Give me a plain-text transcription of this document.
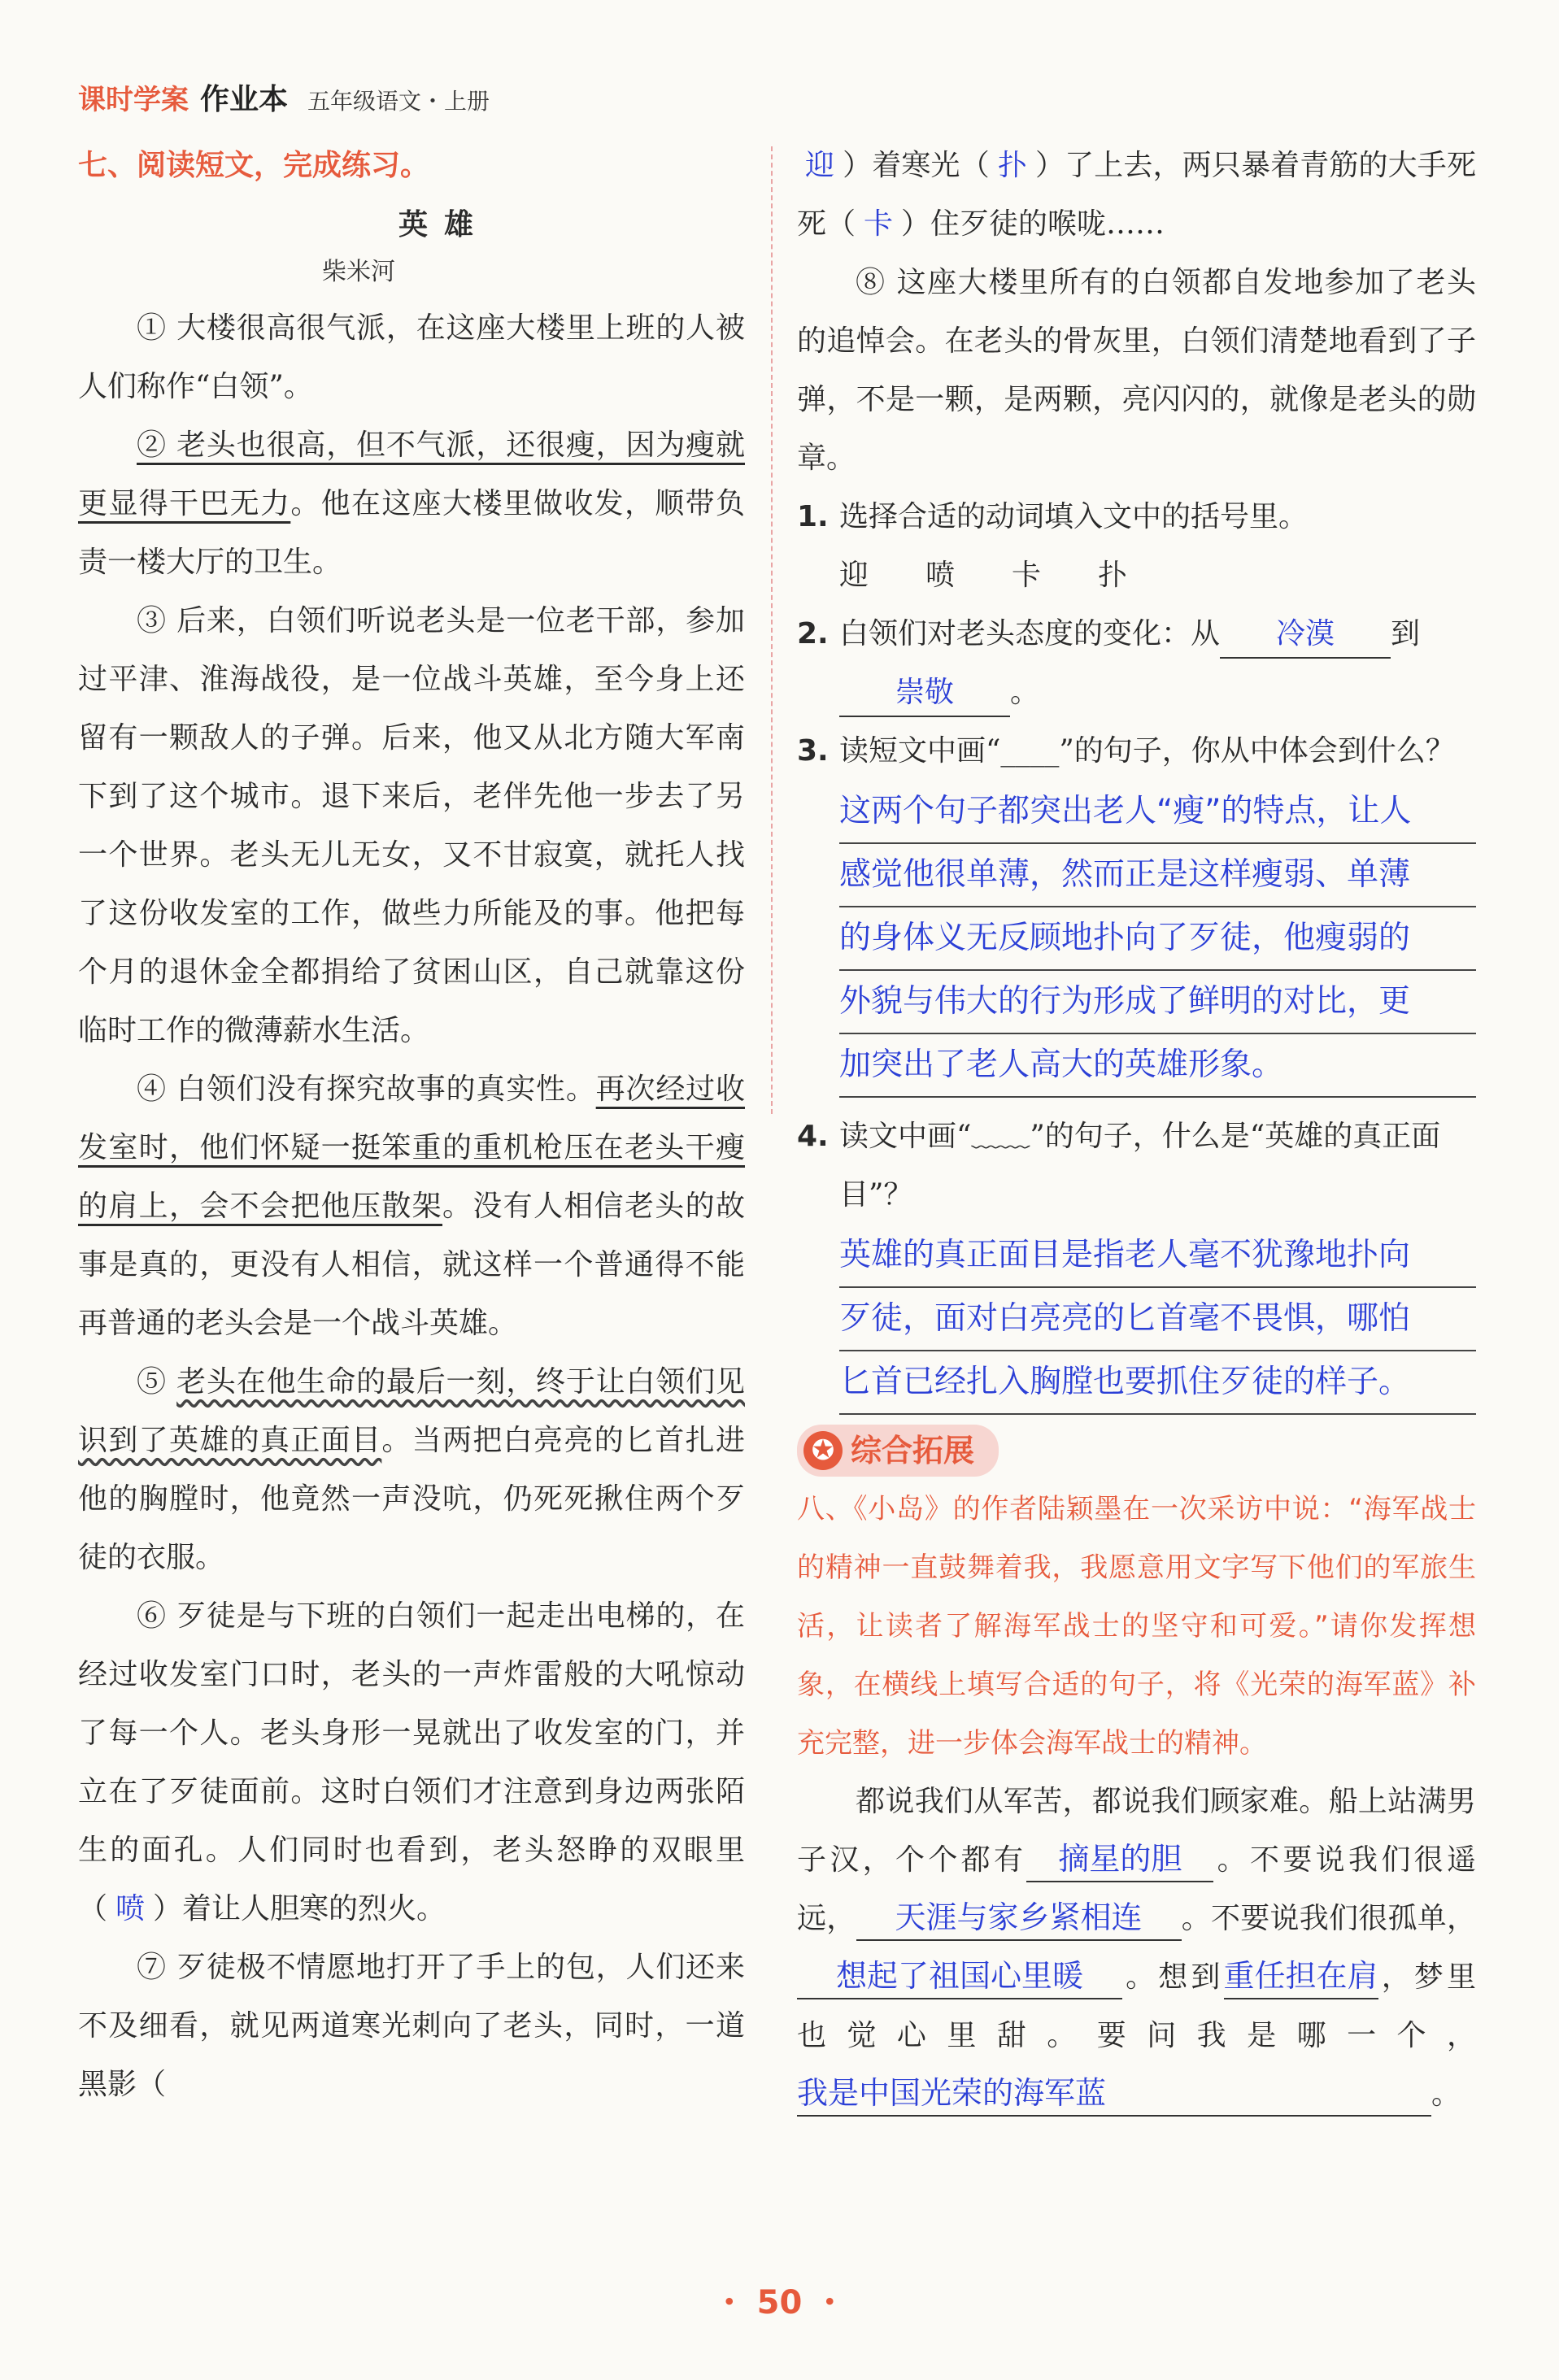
课时学案 作业本 五年级语文・上册
七、阅读短文，完成练习。
英雄
柴米河

① 大楼很高很气派，在这座大楼里上班的人被人们称作“白领”。

② 老头也很高，但不气派，还很瘦，因为瘦就更显得干巴无力。他在这座大楼里做收发，顺带负责一楼大厅的卫生。

③ 后来，白领们听说老头是一位老干部，参加过平津、淮海战役，是一位战斗英雄，至今身上还留有一颗敌人的子弹。后来，他又从北方随大军南下到了这个城市。退下来后，老伴先他一步去了另一个世界。老头无儿无女，又不甘寂寞，就托人找了这份收发室的工作，做些力所能及的事。他把每个月的退休金全都捐给了贫困山区，自己就靠这份临时工作的微薄薪水生活。

④ 白领们没有探究故事的真实性。再次经过收发室时，他们怀疑一挺笨重的重机枪压在老头干瘦的肩上，会不会把他压散架。没有人相信老头的故事是真的，更没有人相信，就这样一个普通得不能再普通的老头会是一个战斗英雄。

⑤ 老头在他生命的最后一刻，终于让白领们见识到了英雄的真正面目。当两把白亮亮的匕首扎进他的胸膛时，他竟然一声没吭，仍死死揪住两个歹徒的衣服。

⑥ 歹徒是与下班的白领们一起走出电梯的，在经过收发室门口时，老头的一声炸雷般的大吼惊动了每一个人。老头身形一晃就出了收发室的门，并立在了歹徒面前。这时白领们才注意到身边两张陌生的面孔。人们同时也看到，老头怒睁的双眼里（ 喷 ）着让人胆寒的烈火。

⑦ 歹徒极不情愿地打开了手上的包，人们还来不及细看，就见两道寒光刺向了老头，同时，一道黑影（

迎 ）着寒光（ 扑 ）了上去，两只暴着青筋的大手死死（ 卡 ）住歹徒的喉咙……

⑧ 这座大楼里所有的白领都自发地参加了老头的追悼会。在老头的骨灰里，白领们清楚地看到了子弹，不是一颗，是两颗，亮闪闪的，就像是老头的勋章。

1. 选择合适的动词填入文中的括号里。
迎 喷 卡 扑
2. 白领们对老头态度的变化：从 冷漠 到
崇敬 。
3. 读短文中画“____”的句子，你从中体会到什么？
这两个句子都突出老人“瘦”的特点，让人
感觉他很单薄，然而正是这样瘦弱、单薄
的身体义无反顾地扑向了歹徒，他瘦弱的
外貌与伟大的行为形成了鲜明的对比，更
加突出了老人高大的英雄形象。
4. 读文中画“﹏﹏”的句子，什么是“英雄的真正面目”？
英雄的真正面目是指老人毫不犹豫地扑向
歹徒，面对白亮亮的匕首毫不畏惧，哪怕
匕首已经扎入胸膛也要抓住歹徒的样子。
✪ 综合拓展
八、《小岛》的作者陆颖墨在一次采访中说：“海军战士的精神一直鼓舞着我，我愿意用文字写下他们的军旅生活，让读者了解海军战士的坚守和可爱。”请你发挥想象，在横线上填写合适的句子，将《光荣的海军蓝》补充完整，进一步体会海军战士的精神。
都说我们从军苦，都说我们顾家难。船上站满男子汉，个个都有 摘星的胆 。不要说我们很遥远， 天涯与家乡紧相连 。不要说我们很孤单，想起了祖国心里暖 。想到重任担在肩，梦里也觉心里甜。要问我是哪一个，我是中国光荣的海军蓝	。
・ 50 ・
